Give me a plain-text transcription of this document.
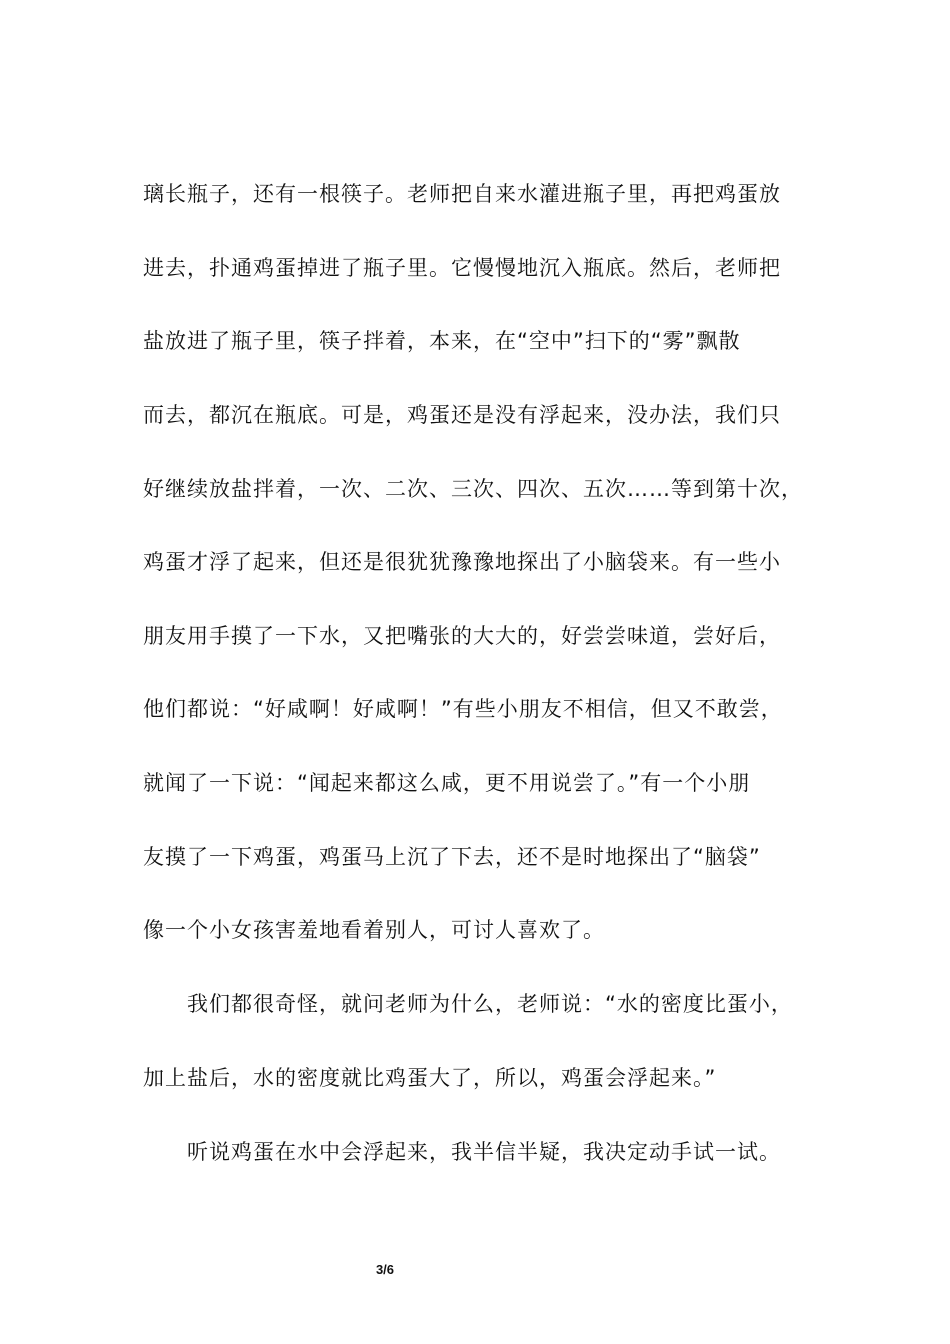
璃长瓶子，还有一根筷子。老师把自来水灌进瓶子里，再把鸡蛋放
进去，扑通鸡蛋掉进了瓶子里。它慢慢地沉入瓶底。然后，老师把
盐放进了瓶子里，筷子拌着，本来，在“空中”扫下的“雾”飘散
而去，都沉在瓶底。可是，鸡蛋还是没有浮起来，没办法，我们只
好继续放盐拌着，一次、二次、三次、四次、五次……等到第十次，
鸡蛋才浮了起来，但还是很犹犹豫豫地探出了小脑袋来。有一些小
朋友用手摸了一下水，又把嘴张的大大的，好尝尝味道，尝好后，
他们都说：“好咸啊！好咸啊！”有些小朋友不相信，但又不敢尝，
就闻了一下说：“闻起来都这么咸，更不用说尝了。”有一个小朋
友摸了一下鸡蛋，鸡蛋马上沉了下去，还不是时地探出了“脑袋”
像一个小女孩害羞地看着别人，可讨人喜欢了。
我们都很奇怪，就问老师为什么，老师说：“水的密度比蛋小，
加上盐后，水的密度就比鸡蛋大了，所以，鸡蛋会浮起来。”
听说鸡蛋在水中会浮起来，我半信半疑，我决定动手试一试。
3/6
